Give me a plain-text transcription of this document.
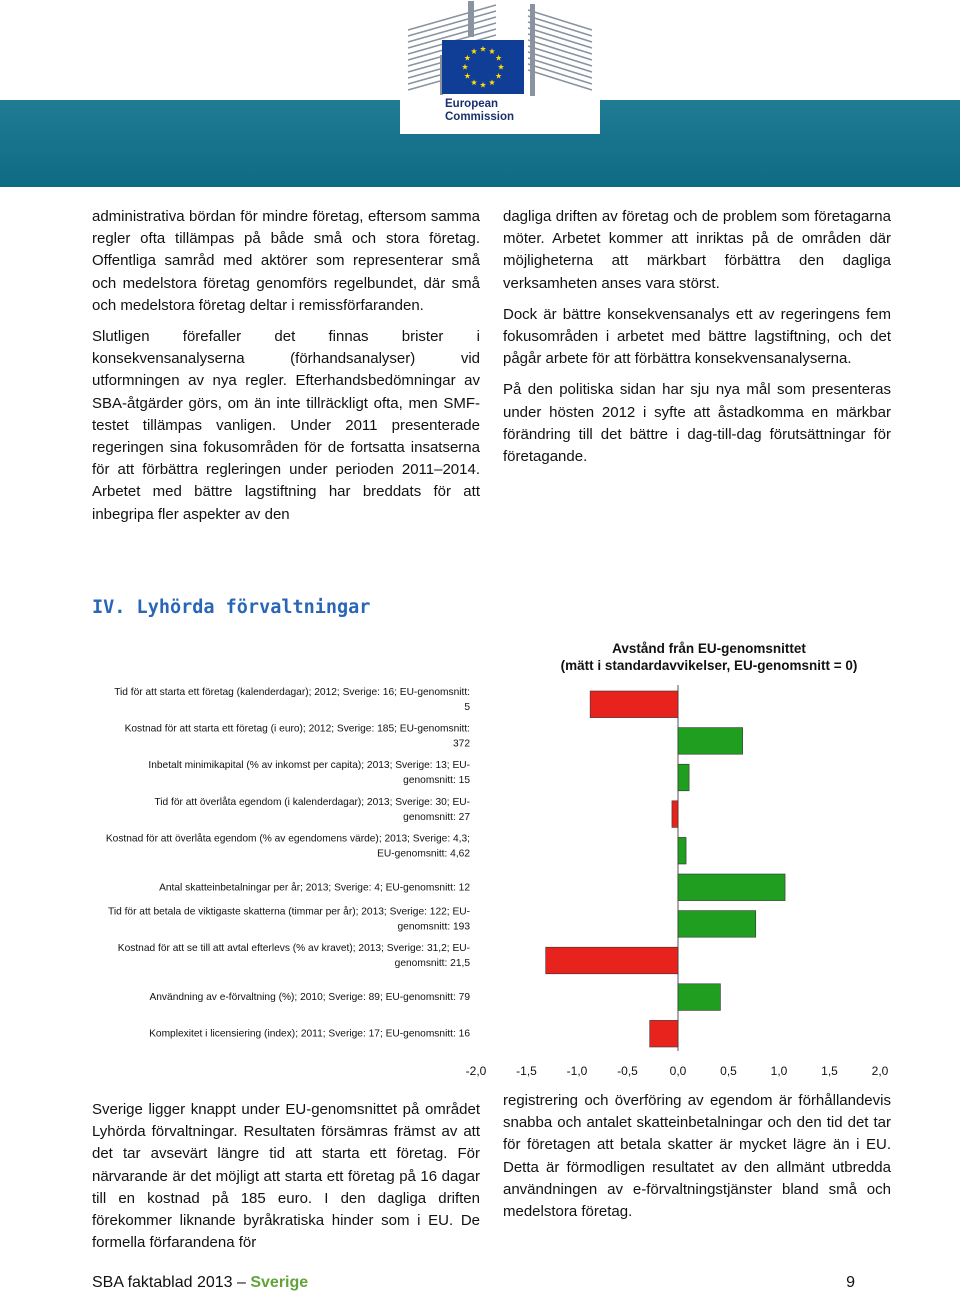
European
Commission

administrativa bördan för mindre företag, eftersom samma regler ofta tillämpas på både små och stora företag. Offentliga samråd med aktörer som representerar små och medelstora företag genomförs regelbundet, där små och medelstora företag deltar i remissförfaranden.

Slutligen förefaller det finnas brister i konsekvensanalyserna (förhandsanalyser) vid utformningen av nya regler. Efterhandsbedömningar av SBA-åtgärder görs, om än inte tillräckligt ofta, men SMF-testet tillämpas vanligen. Under 2011 presenterade regeringen sina fokusområden för de fortsatta insatserna för att förbättra regleringen under perioden 2011–2014. Arbetet med bättre lagstiftning har breddats för att inbegripa fler aspekter av den

dagliga driften av företag och de problem som företagarna möter. Arbetet kommer att inriktas på de områden där möjligheterna att märkbart förbättra den dagliga verksamheten anses vara störst.

Dock är bättre konsekvensanalys ett av regeringens fem fokusområden i arbetet med bättre lagstiftning, och det pågår arbete för att förbättra konsekvensanalyserna.

På den politiska sidan har sju nya mål som presenteras under hösten 2012 i syfte att åstadkomma en märkbar förändring till det bättre i dag-till-dag förutsättningar för företagande.

IV. Lyhörda förvaltningar
Avstånd från EU-genomsnittet
(mätt i standardavvikelser, EU-genomsnitt = 0)
Tid för att starta ett företag (kalenderdagar); 2012; Sverige: 16; EU-genomsnitt:
5
Kostnad för att starta ett företag (i euro); 2012; Sverige: 185; EU-genomsnitt:
372
Inbetalt minimikapital (% av inkomst per capita); 2013; Sverige: 13; EU-
genomsnitt: 15
Tid för att överlåta egendom (i kalenderdagar); 2013; Sverige: 30; EU-
genomsnitt: 27
Kostnad för att överlåta egendom (% av egendomens värde); 2013; Sverige: 4,3;
EU-genomsnitt: 4,62
Antal skatteinbetalningar per år; 2013; Sverige: 4; EU-genomsnitt: 12
Tid för att betala de viktigaste skatterna (timmar per år); 2013; Sverige: 122; EU-
genomsnitt: 193
Kostnad för att se till att avtal efterlevs (% av kravet); 2013; Sverige: 31,2; EU-
genomsnitt: 21,5
Användning av e-förvaltning (%); 2010; Sverige: 89; EU-genomsnitt: 79
Komplexitet i licensiering (index); 2011; Sverige: 17; EU-genomsnitt: 16
-2,0 -1,5 -1,0 -0,5	0,0	0,5	1,0	1,5	2,0

Sverige ligger knappt under EU-genomsnittet på området Lyhörda förvaltningar. Resultaten försämras främst av att det tar avsevärt längre tid att starta ett företag. För närvarande är det möjligt att starta ett företag på 16 dagar till en kostnad på 185 euro. I den dagliga driften förekommer liknande byråkratiska hinder som i EU. De formella förfarandena för

registrering och överföring av egendom är förhållandevis snabba och antalet skatteinbetalningar och den tid det tar för företagen att betala skatter är mycket lägre än i EU. Detta är förmodligen resultatet av den allmänt utbredda användningen av e-förvaltningstjänster bland små och medelstora företag.

SBA faktablad 2013 – Sverige	9
